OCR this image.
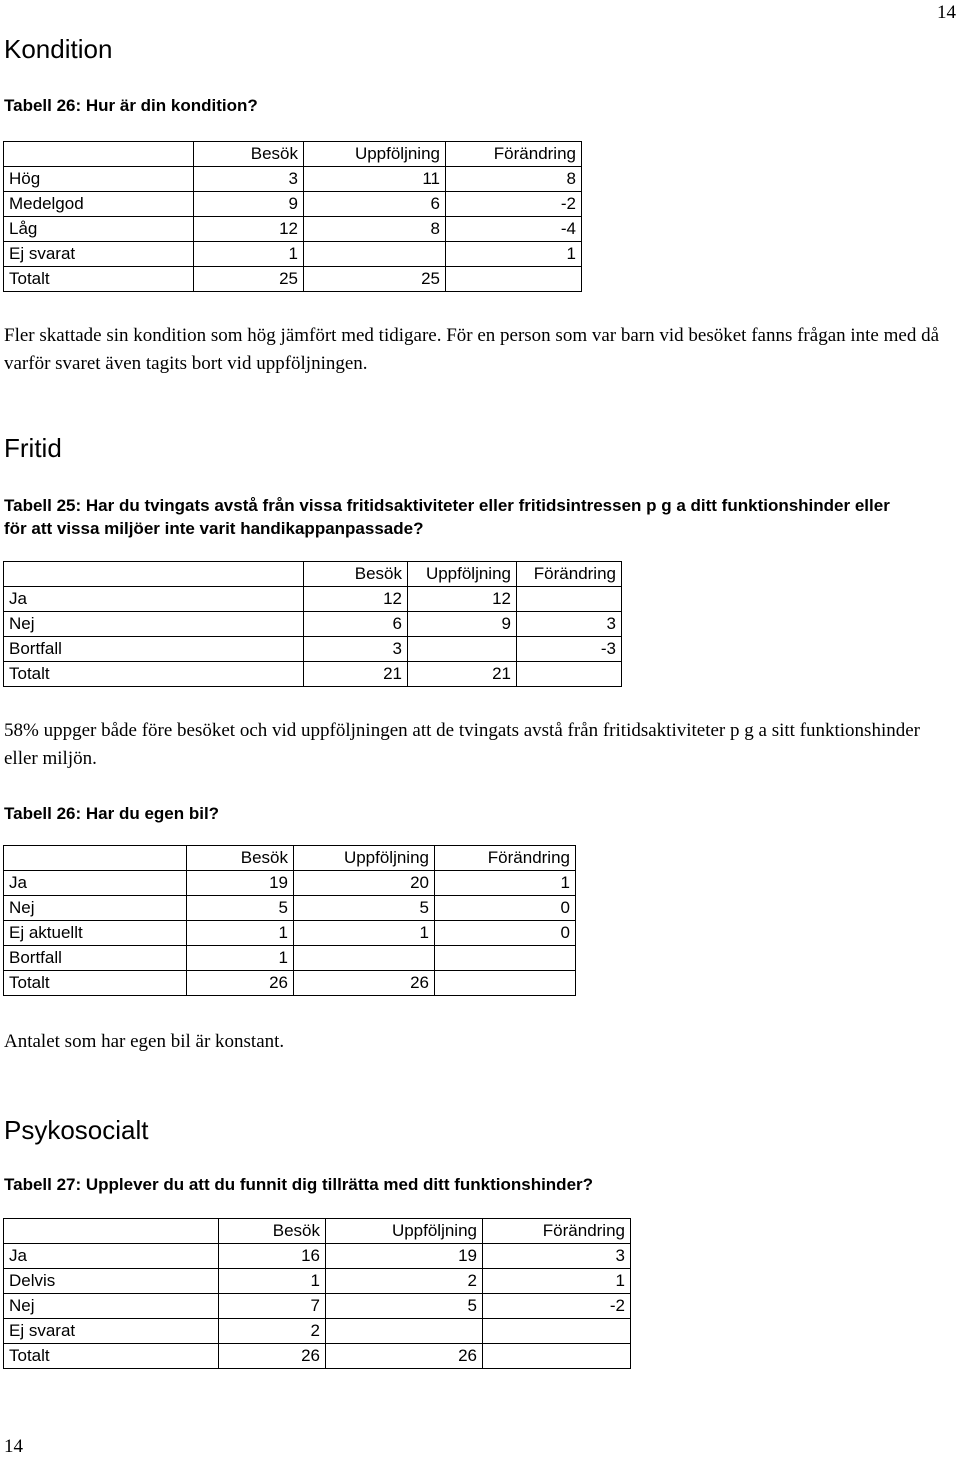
14
Kondition

Tabell 26: Hur är din kondition?

	Besök	Uppföljning	Förändring
Hög	3	11	8
Medelgod	9	6	-2
Låg	12	8	-4
Ej svarat	1		1
Totalt	25	25	

Fler skattade sin kondition som hög jämfört med tidigare. För en person som var barn vid besöket fanns frågan inte med då varför svaret även tagits bort vid uppföljningen.

Fritid

Tabell 25: Har du tvingats avstå från vissa fritidsaktiviteter eller fritidsintressen p g a ditt funktionshinder eller för att vissa miljöer inte varit handikappanpassade?

	Besök	Uppföljning	Förändring
Ja	12	12	
Nej	6	9	3
Bortfall	3		-3
Totalt	21	21	

58% uppger både före besöket och vid uppföljningen att de tvingats avstå från fritidsaktiviteter p g a sitt funktionshinder eller miljön.

Tabell 26: Har du egen bil?

	Besök	Uppföljning	Förändring
Ja	19	20	1
Nej	5	5	0
Ej aktuellt	1	1	0
Bortfall	1		
Totalt	26	26	

Antalet som har egen bil är konstant.

Psykosocialt

Tabell 27: Upplever du att du funnit dig tillrätta med ditt funktionshinder?

	Besök	Uppföljning	Förändring
Ja	16	19	3
Delvis	1	2	1
Nej	7	5	-2
Ej svarat	2		
Totalt	26	26	
14
